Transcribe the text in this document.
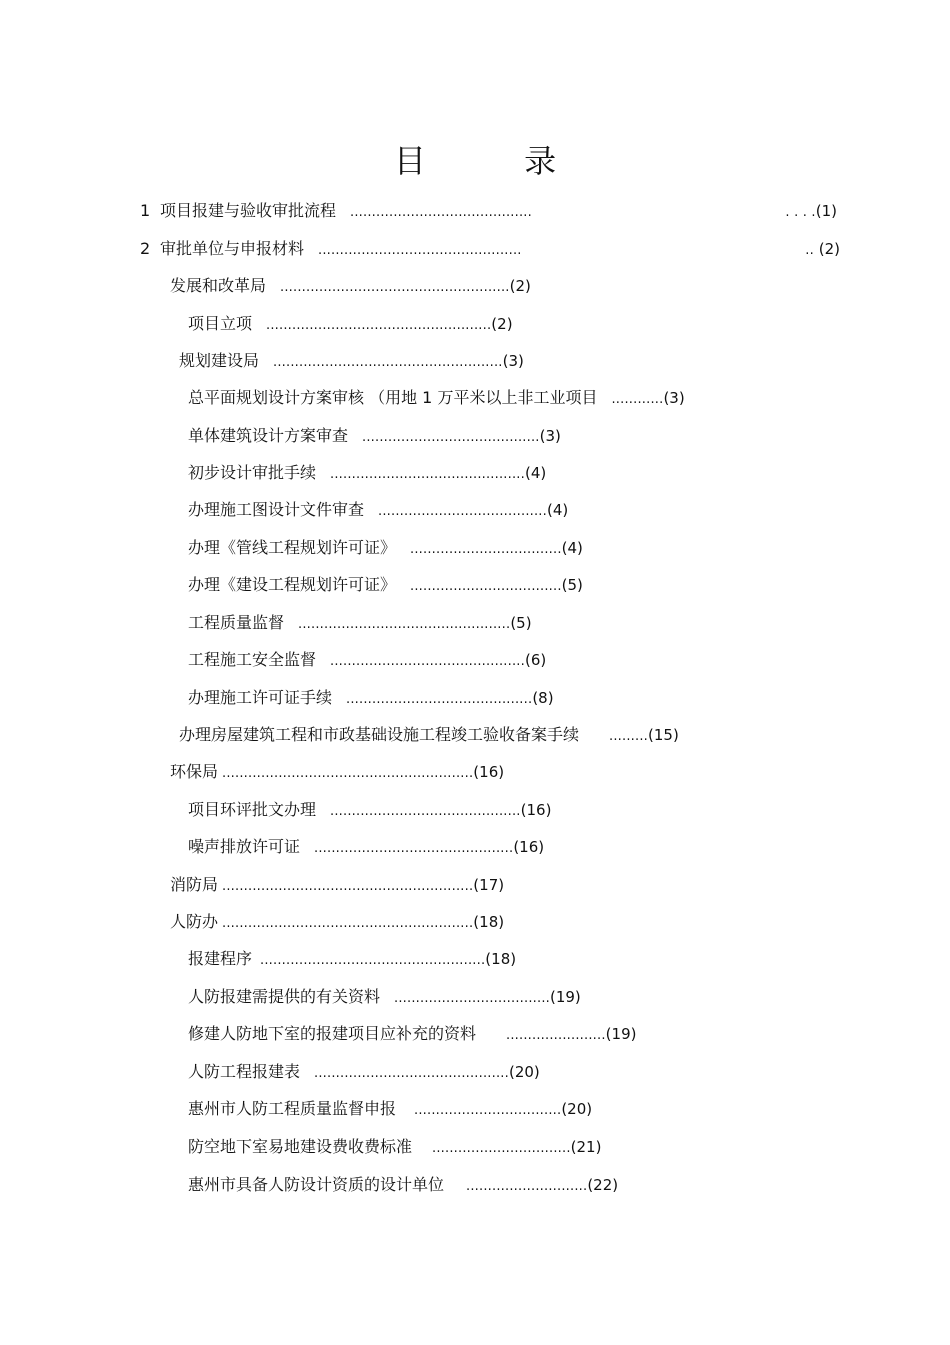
目 录
1 项目报建与验收审批流程 ..........................................	. . . .(1)
2 审批单位与申报材料 ...............................................	.. (2)
发展和改革局 ..................................................... (2)
项目立项 .................................................... (2)
规划建设局 ..................................................... (3)
总平面规划设计方案审核 （用地 1 万平米以上非工业项目 ............ (3)
单体建筑设计方案审查 ......................................... (3)
初步设计审批手续 ............................................. (4)
办理施工图设计文件审查 ....................................... (4)
办理《管线工程规划许可证》 ................................... (4)
办理《建设工程规划许可证》 ................................... (5)
工程质量监督 ................................................. (5)
工程施工安全监督 ............................................. (6)
办理施工许可证手续 ........................................... (8)
办理房屋建筑工程和市政基础设施工程竣工验收备案手续 ......... (15)
环保局 .......................................................... (16)
项目环评批文办理 ............................................ (16)
噪声排放许可证 .............................................. (16)
消防局 .......................................................... (17)
人防办 .......................................................... (18)
报建程序 .................................................... (18)
人防报建需提供的有关资料 .................................... (19)
修建人防地下室的报建项目应补充的资料 ....................... (19)
人防工程报建表 ............................................. (20)
惠州市人防工程质量监督申报 .................................. (20)
防空地下室易地建设费收费标准 ................................ (21)
惠州市具备人防设计资质的设计单位 ............................ (22)
